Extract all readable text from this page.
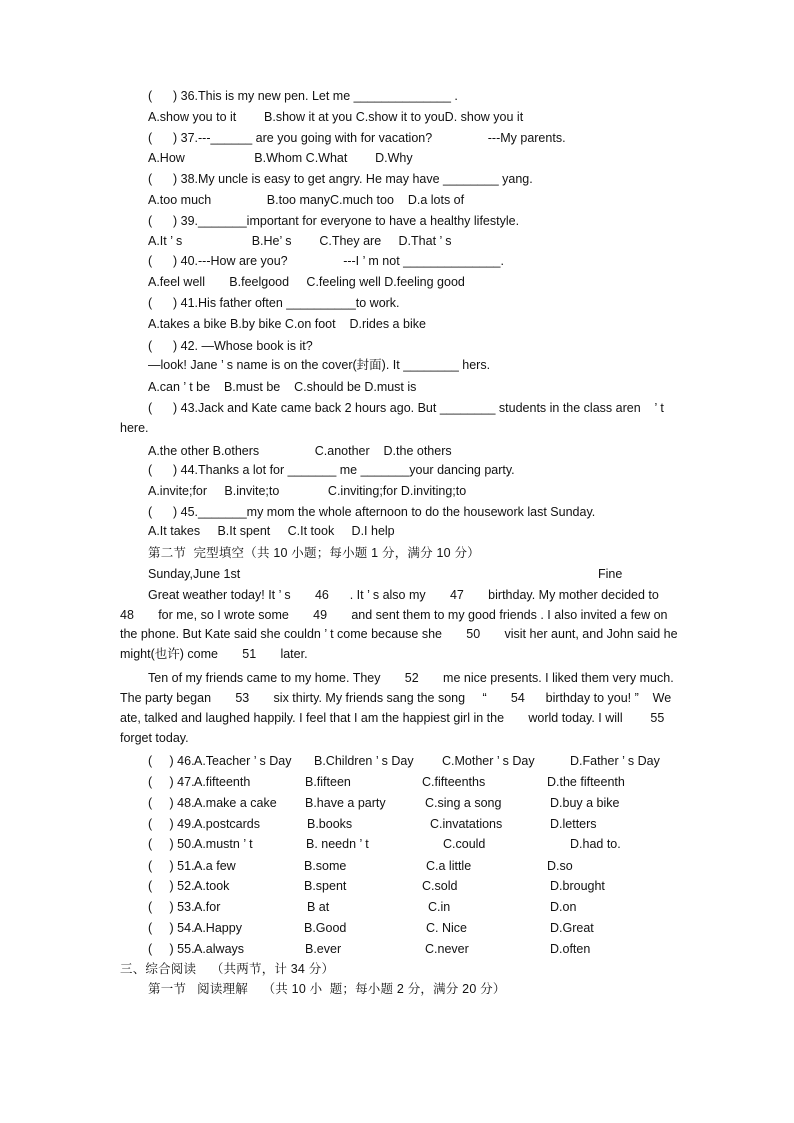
(      ) 36.This is my new pen. Let me ______________ .
A.show you to it        B.show it at you C.show it to youD. show you it
(      ) 37.---______ are you going with for vacation?                ---My parents.
A.How                    B.Whom C.What        D.Why
(      ) 38.My uncle is easy to get angry. He may have ________ yang.
A.too much                B.too manyC.much too    D.a lots of
(      ) 39._______important for everyone to have a healthy lifestyle.
A.It ’ s                    B.He’ s        C.They are     D.That ’ s
(      ) 40.---How are you?                ---I ’ m not ______________.
A.feel well       B.feelgood     C.feeling well D.feeling good
(      ) 41.His father often __________to work.
A.takes a bike B.by bike C.on foot    D.rides a bike
(      ) 42. —Whose book is it?
—look! Jane ’ s name is on the cover(封面). It ________ hers.
A.can ’ t be    B.must be    C.should be D.must is
(      ) 43.Jack and Kate came back 2 hours ago. But ________ students in the class aren    ’ t
here.
A.the other B.others                C.another    D.the others
(      ) 44.Thanks a lot for _______ me _______your dancing party.
A.invite;for     B.invite;to              C.inviting;for D.inviting;to
(      ) 45._______my mom the whole afternoon to do the housework last Sunday.
A.It takes     B.It spent     C.It took     D.I help
第二节  完型填空（共 10 小题；每小题 1 分，满分 10 分）
Sunday,June 1st	Fine
Great weather today! It ’ s       46      . It ’ s also my       47       birthday. My mother decided to
48       for me, so I wrote some       49       and sent them to my good friends . I also invited a few on
the phone. But Kate said she couldn ’ t come because she       50       visit her aunt, and John said he
might(也许) come       51       later.
Ten of my friends came to my home. They       52       me nice presents. I liked them very much.
The party began       53       six thirty. My friends sang the song     “       54      birthday to you! ”    We
ate, talked and laughed happily. I feel that I am the happiest girl in the       world today. I will        55
forget today.
(     ) 46. A.Teacher ’ s Day B.Children ’ s Day C.Mother ’ s Day	D.Father ’ s Day
(     ) 47. A.fifteenth	B.fifteen	C.fifteenths	D.the fifteenth
(     ) 48. A.make a cake B.have a party	C.sing a song	D.buy a bike
(     ) 49. A.postcards	B.books	C.invatations	D.letters
(     ) 50. A.mustn ’ t	B. needn ’ t	C.could	D.had to.
(     ) 51. A.a few	B.some	C.a little	D.so
(     ) 52. A.took	B.spent	C.sold	D.brought
(     ) 53. A.for	B at	C.in	D.on
(     ) 54. A.Happy	B.Good	C. Nice	D.Great
(     ) 55. A.always	B.ever	C.never	D.often
三、综合阅读    （共两节，计 34 分）
第一节   阅读理解    （共 10 小  题；每小题 2 分，满分 20 分）
